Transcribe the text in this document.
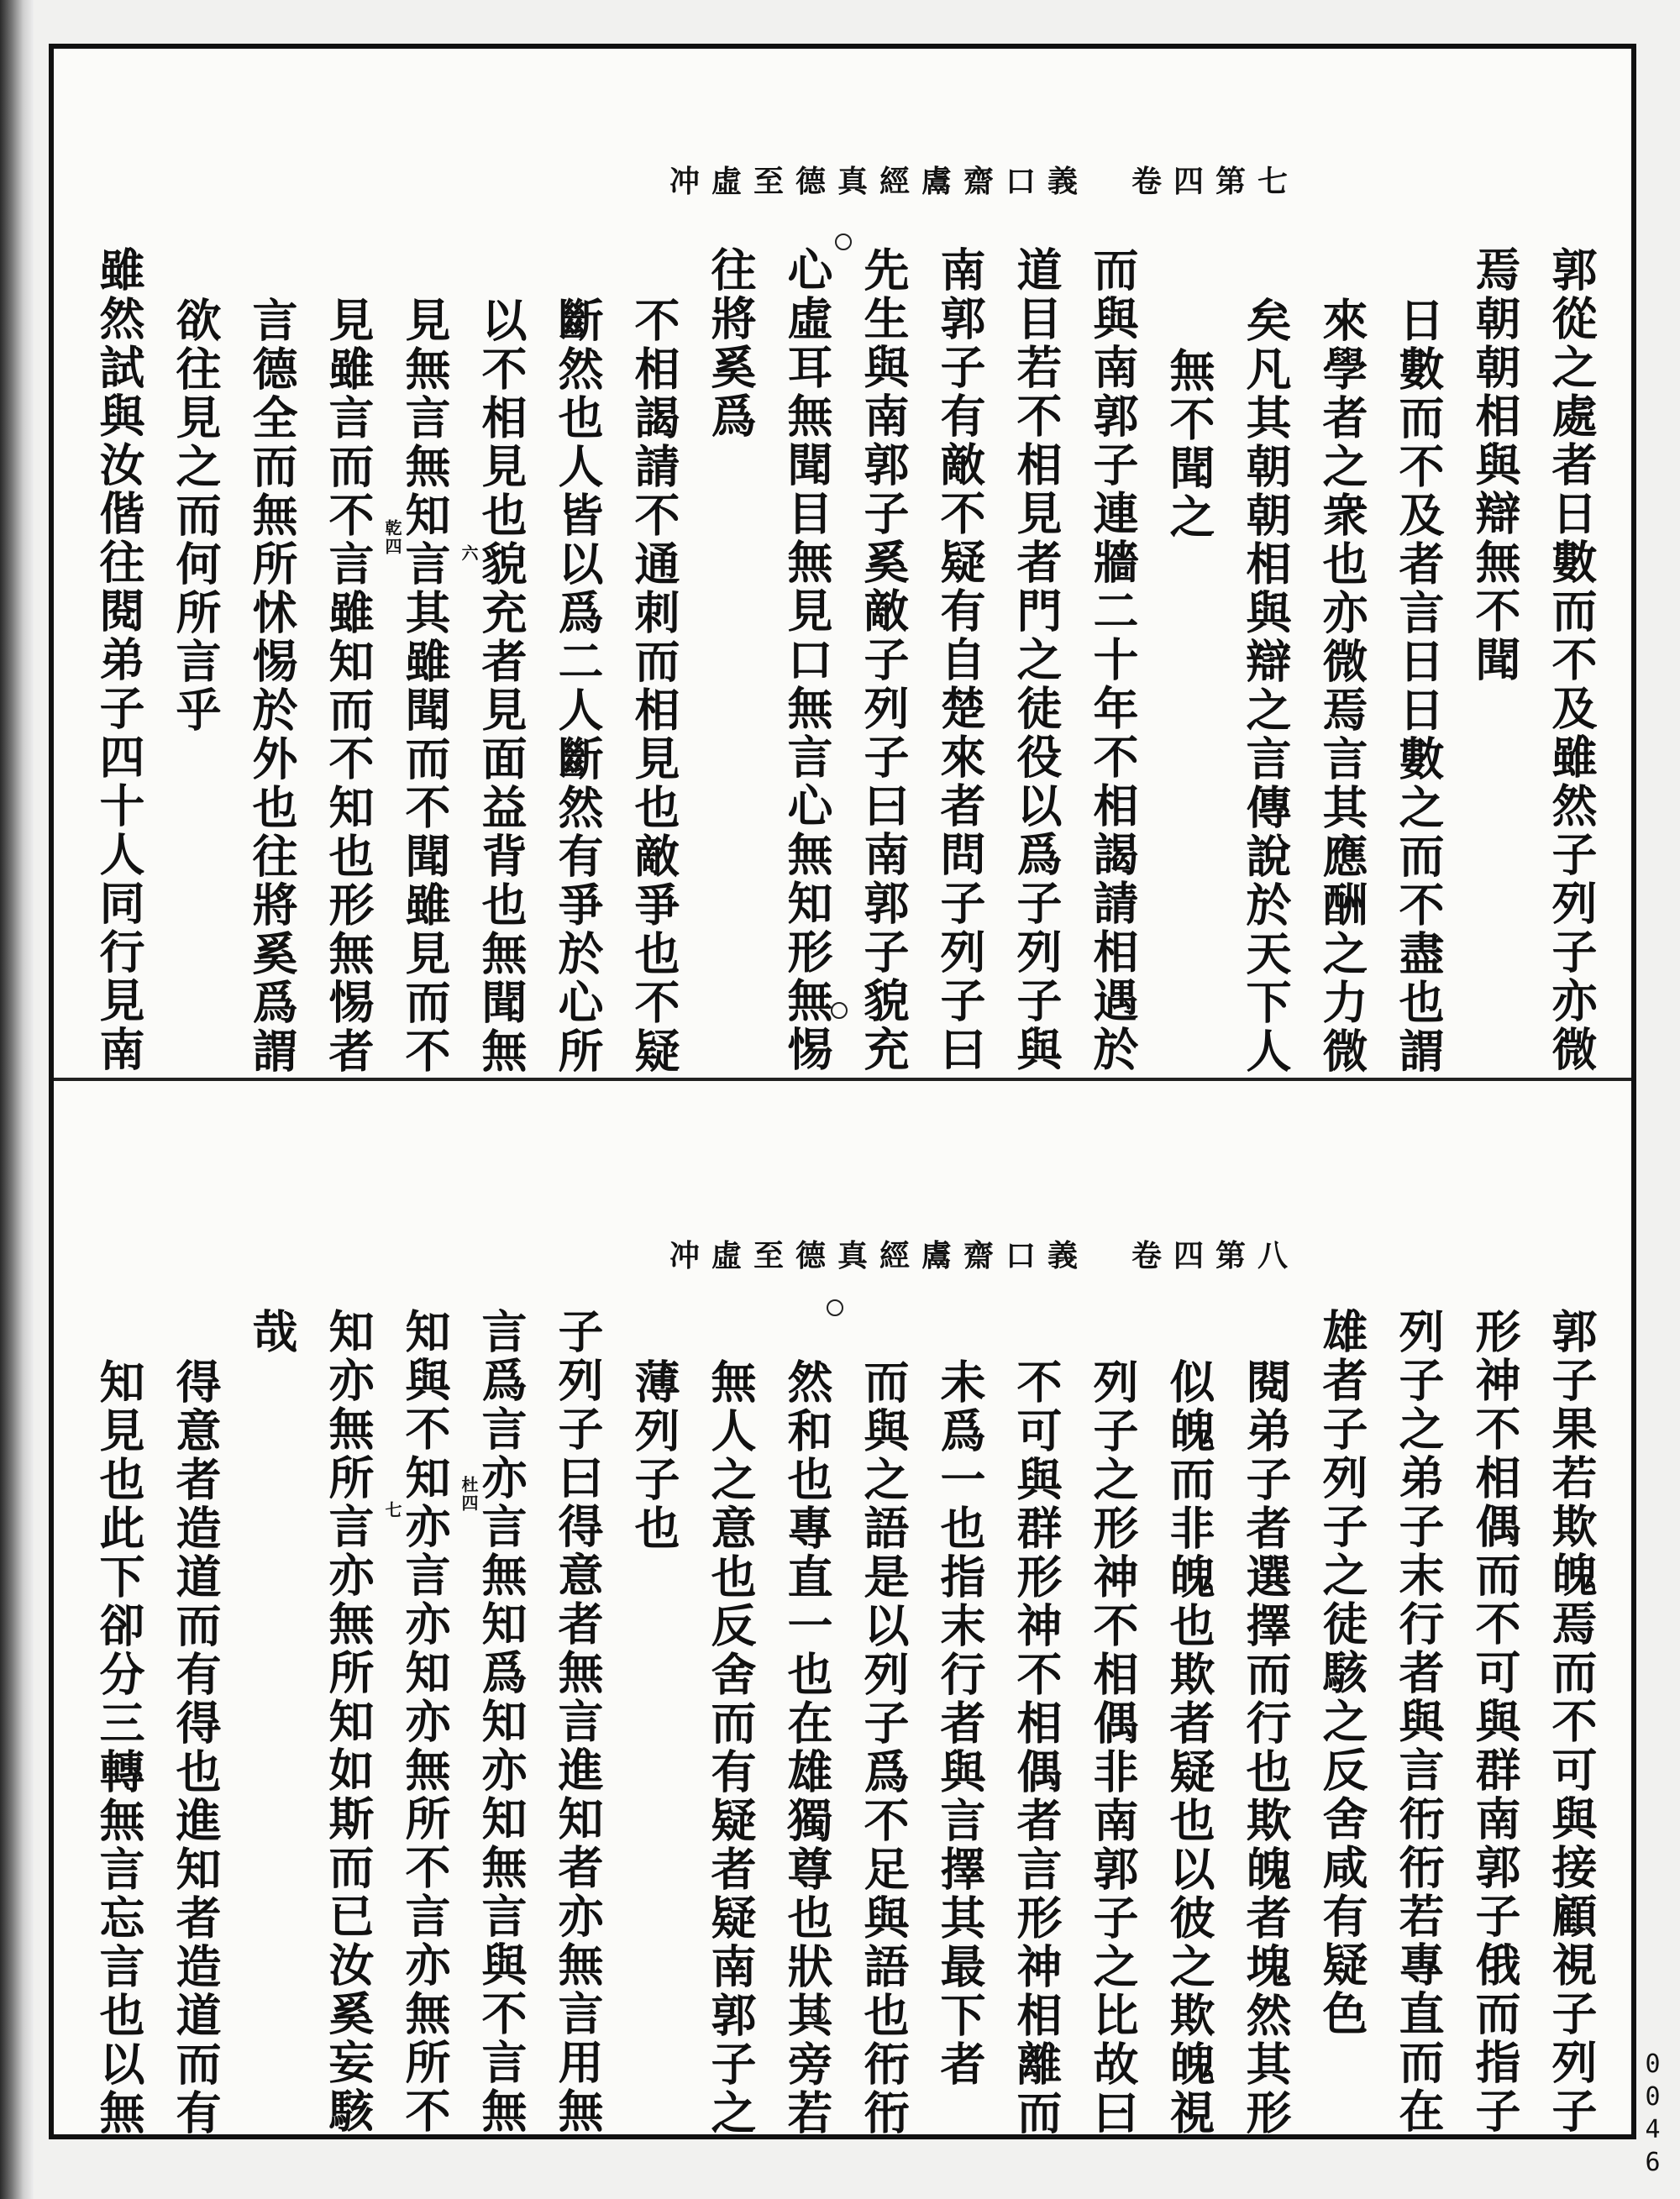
冲虛至德真經鬳齋口義　卷四第七
郭從之處者日數而不及雖然子列子亦微
焉朝朝相與辯無不聞
日數而不及者言日日數之而不盡也謂
來學者之衆也亦微焉言其應酬之力微
矣凡其朝朝相與辯之言傳說於天下人
無不聞之
而與南郭子連牆二十年不相謁請相遇於
道目若不相見者門之徒役以爲子列子與
南郭子有敵不疑有自楚來者問子列子曰
先生與南郭子奚敵子列子曰南郭子貌充
心虛耳無聞目無見口無言心無知形無惕
往將奚爲
不相謁請不通刺而相見也敵爭也不疑
斷然也人皆以爲二人斷然有爭於心所
以不相見也貌充者見面益背也無聞無
見無言無知言其雖聞而不聞雖見而不
見雖言而不言雖知而不知也形無惕者
言德全而無所怵惕於外也往將奚爲謂
欲往見之而何所言乎
雖然試與汝偕往閱弟子四十人同行見南	乾四	六
冲虛至德真經鬳齋口義　卷四第八
郭子果若欺魄焉而不可與接顧視子列子
形神不相偶而不可與群南郭子俄而指子
列子之弟子末行者與言衎衎若專直而在
雄者子列子之徒駭之反舍咸有疑色
閱弟子者選擇而行也欺魄者塊然其形
似魄而非魄也欺者疑也以彼之欺魄視
列子之形神不相偶非南郭子之比故曰
不可與群形神不相偶者言形神相離而
未爲一也指末行者與言擇其最下者
而與之語是以列子爲不足與語也衎衎
然和也專直一也在雄獨尊也狀其旁若
無人之意也反舍而有疑者疑南郭子之
薄列子也
子列子曰得意者無言進知者亦無言用無
言爲言亦言無知爲知亦知無言與不言無
知與不知亦言亦知亦無所不言亦無所不
知亦無所言亦無所知如斯而已汝奚妄駭
哉
得意者造道而有得也進知者造道而有
知見也此下卻分三轉無言忘言也以無	杜四
七
0046
